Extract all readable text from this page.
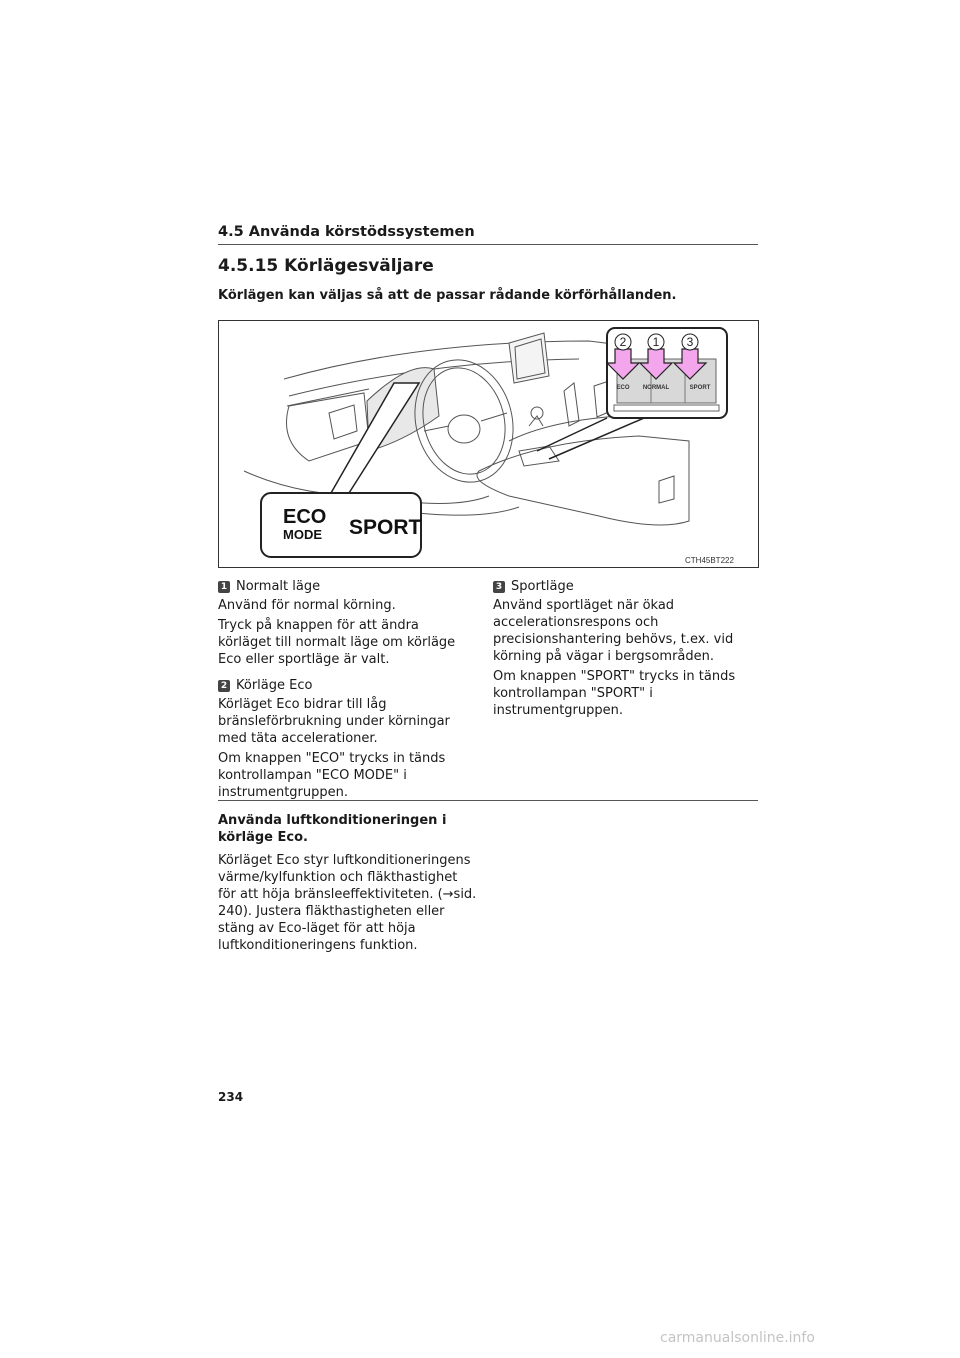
4.5 Använda körstödssystemen
4.5.15 Körlägesväljare
Körlägen kan väljas så att de passar rådande körförhållanden.
2 1 3
ECO NORMAL	SPORT
ECO
MODE SPORT
CTH45BT222
1 Normalt läge

Använd för normal körning.

Tryck på knappen för att ändra körläget till normalt läge om körläge Eco eller sportläge är valt.

2 Körläge Eco

Körläget Eco bidrar till låg bränsleförbrukning under körningar med täta accelerationer.

Om knappen "ECO" trycks in tänds kontrollampan "ECO MODE" i instrumentgruppen.

3 Sportläge

Använd sportläget när ökad accelerationsrespons och precisionshantering behövs, t.ex. vid körning på vägar i bergsområden.

Om knappen "SPORT" trycks in tänds kontrollampan "SPORT" i instrumentgruppen.

Använda luftkonditioneringen i körläge Eco.
Körläget Eco styr luftkonditioneringens värme/kylfunktion och fläkthastighet för att höja bränsleeffektiviteten. (→sid. 240). Justera fläkthastigheten eller stäng av Eco-läget för att höja luftkonditioneringens funktion.
234
carmanualsonline.info
